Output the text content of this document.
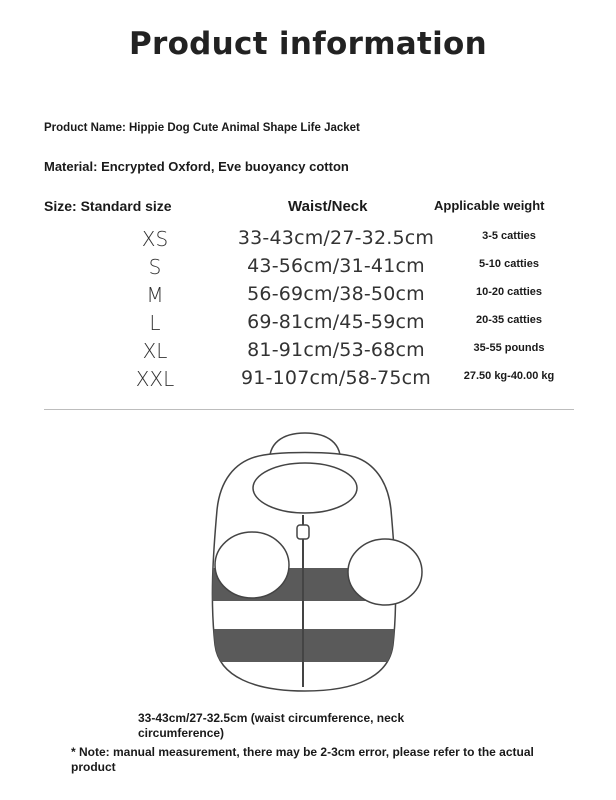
Product information
Product Name: Hippie Dog Cute Animal Shape Life Jacket
Material: Encrypted Oxford, Eve buoyancy cotton
Size: Standard size	Waist/Neck	Applicable weight
XS	33-43cm/27-32.5cm	3-5 catties
S	43-56cm/31-41cm	5-10 catties
M	56-69cm/38-50cm	10-20 catties
L	69-81cm/45-59cm	20-35 catties
XL	81-91cm/53-68cm	35-55 pounds
XXL	91-107cm/58-75cm	27.50 kg-40.00 kg
33-43cm/27-32.5cm (waist circumference, neck circumference)
* Note: manual measurement, there may be 2-3cm error, please refer to the actual product
